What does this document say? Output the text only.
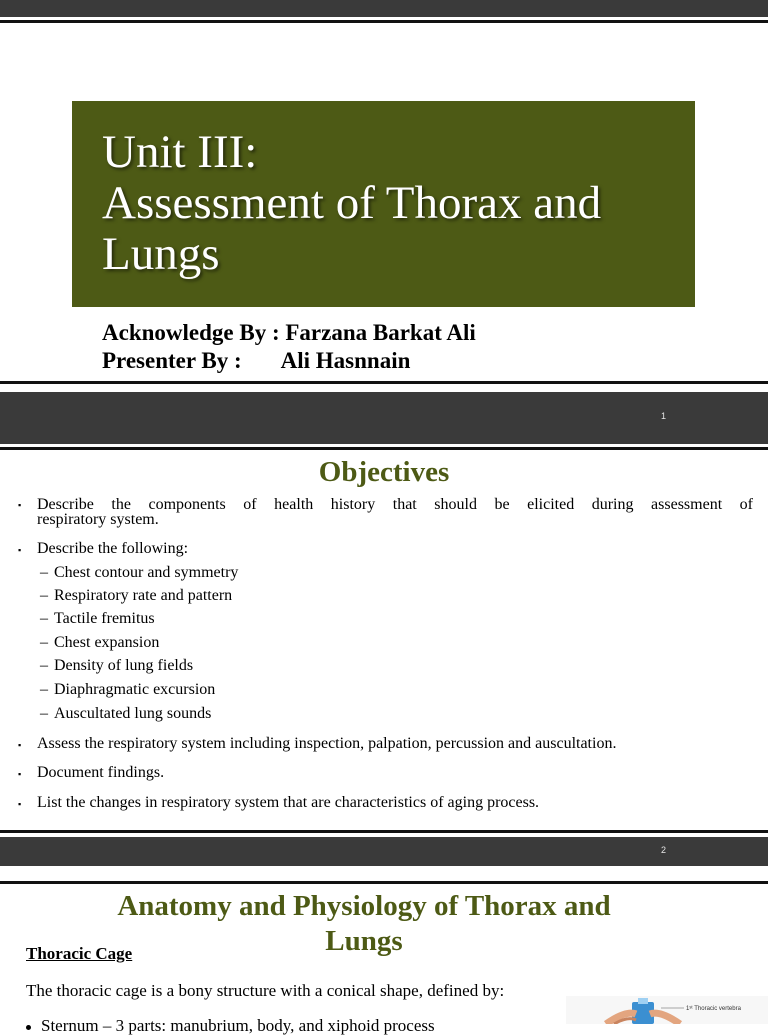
Unit III:
Assessment of Thorax and
Lungs
Acknowledge By : Farzana Barkat Ali
Presenter By :       Ali Hasnnain
1
Objectives
▪ Describe the components of health history that should be elicited during assessment of
respiratory system.
▪ Describe the following:
– Chest contour and symmetry
– Respiratory rate and pattern
– Tactile fremitus
– Chest expansion
– Density of lung fields
– Diaphragmatic excursion
– Auscultated lung sounds
▪ Assess the respiratory system including inspection, palpation, percussion and auscultation.
▪ Document findings.
▪ List the changes in respiratory system that are characteristics of aging process.
2
Anatomy and Physiology of Thorax and
Lungs
Thoracic Cage
The thoracic cage is a bony structure with a conical shape, defined by:
Sternum – 3 parts: manubrium, body, and xiphoid process
1ˢᵗ Thoracic vertebra
